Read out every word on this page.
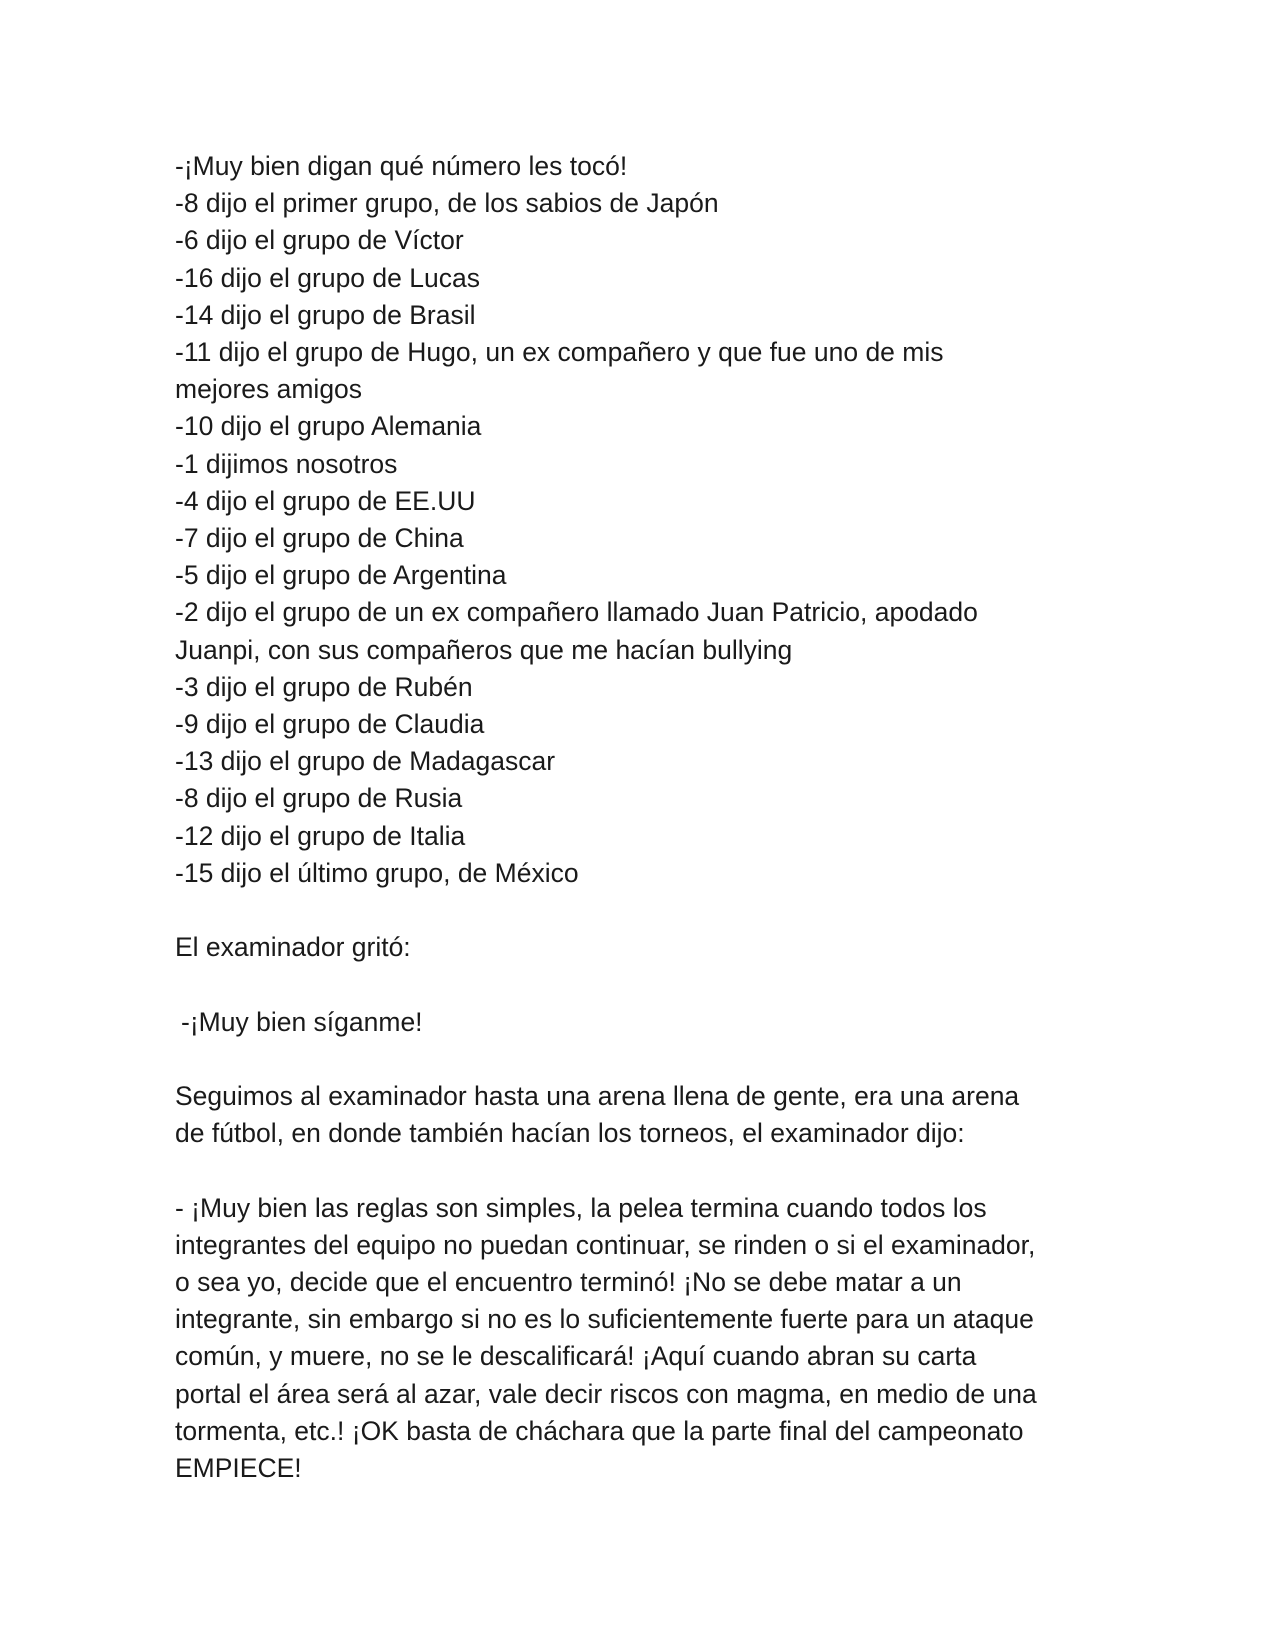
-¡Muy bien digan qué número les tocó!

-8 dijo el primer grupo, de los sabios de Japón

-6 dijo el grupo de Víctor

-16 dijo el grupo de Lucas

-14 dijo el grupo de Brasil

-11 dijo el grupo de Hugo, un ex compañero y que fue uno de mis

mejores amigos

-10 dijo el grupo Alemania

-1 dijimos nosotros

-4 dijo el grupo de EE.UU

-7 dijo el grupo de China

-5 dijo el grupo de Argentina

-2 dijo el grupo de un ex compañero llamado Juan Patricio, apodado

Juanpi, con sus compañeros que me hacían bullying

-3 dijo el grupo de Rubén

-9 dijo el grupo de Claudia

-13 dijo el grupo de Madagascar

-8 dijo el grupo de Rusia

-12 dijo el grupo de Italia

-15 dijo el último grupo, de México

El examinador gritó:

-¡Muy bien síganme!

Seguimos al examinador hasta una arena llena de gente, era una arena

de fútbol, en donde también hacían los torneos, el examinador dijo:

- ¡Muy bien las reglas son simples, la pelea termina cuando todos los

integrantes del equipo no puedan continuar, se rinden o si el examinador,

o sea yo, decide que el encuentro terminó! ¡No se debe matar a un

integrante, sin embargo si no es lo suficientemente fuerte para un ataque

común, y muere, no se le descalificará! ¡Aquí cuando abran su carta

portal el área será al azar, vale decir riscos con magma, en medio de una

tormenta, etc.! ¡OK basta de cháchara que la parte final del campeonato

EMPIECE!
